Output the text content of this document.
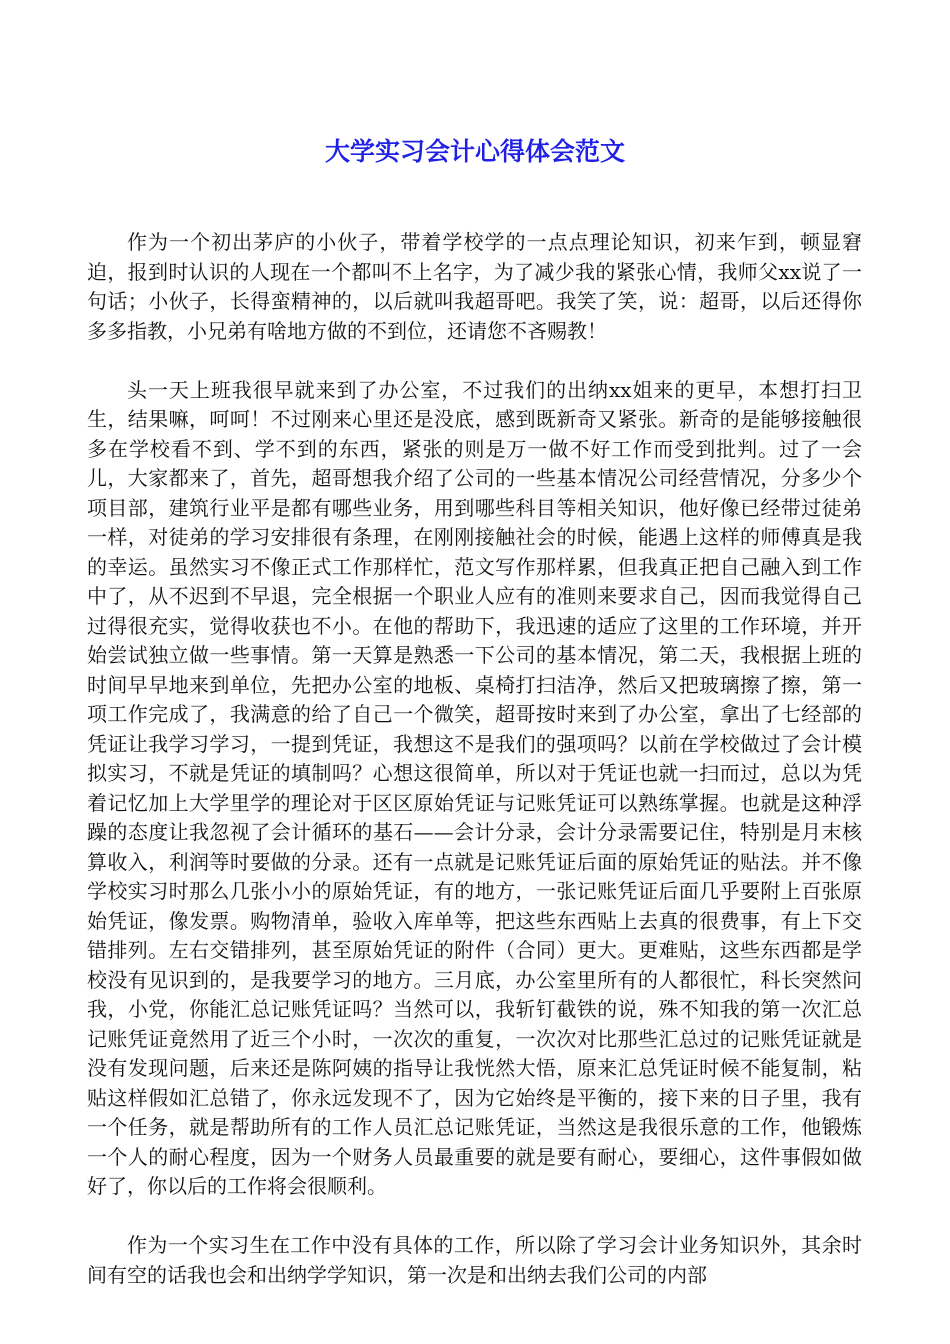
大学实习会计心得体会范文

作为一个初出茅庐的小伙子，带着学校学的一点点理论知识，初来乍到，顿显窘迫，报到时认识的人现在一个都叫不上名字，为了减少我的紧张心情，我师父xx说了一句话；小伙子，长得蛮精神的，以后就叫我超哥吧。我笑了笑，说：超哥，以后还得你多多指教，小兄弟有啥地方做的不到位，还请您不吝赐教！

头一天上班我很早就来到了办公室，不过我们的出纳xx姐来的更早，本想打扫卫生，结果嘛，呵呵！不过刚来心里还是没底，感到既新奇又紧张。新奇的是能够接触很多在学校看不到、学不到的东西，紧张的则是万一做不好工作而受到批判。过了一会儿，大家都来了，首先，超哥想我介绍了公司的一些基本情况公司经营情况，分多少个项目部，建筑行业平是都有哪些业务，用到哪些科目等相关知识，他好像已经带过徒弟一样，对徒弟的学习安排很有条理，在刚刚接触社会的时候，能遇上这样的师傅真是我的幸运。虽然实习不像正式工作那样忙，范文写作那样累，但我真正把自己融入到工作中了，从不迟到不早退，完全根据一个职业人应有的准则来要求自己，因而我觉得自己过得很充实，觉得收获也不小。在他的帮助下，我迅速的适应了这里的工作环境，并开始尝试独立做一些事情。第一天算是熟悉一下公司的基本情况，第二天，我根据上班的时间早早地来到单位，先把办公室的地板、桌椅打扫洁净，然后又把玻璃擦了擦，第一项工作完成了，我满意的给了自己一个微笑，超哥按时来到了办公室，拿出了七经部的凭证让我学习学习，一提到凭证，我想这不是我们的强项吗？以前在学校做过了会计模拟实习，不就是凭证的填制吗？心想这很简单，所以对于凭证也就一扫而过，总以为凭着记忆加上大学里学的理论对于区区原始凭证与记账凭证可以熟练掌握。也就是这种浮躁的态度让我忽视了会计循环的基石——会计分录，会计分录需要记住，特别是月末核算收入，利润等时要做的分录。还有一点就是记账凭证后面的原始凭证的贴法。并不像学校实习时那么几张小小的原始凭证，有的地方，一张记账凭证后面几乎要附上百张原始凭证，像发票。购物清单，验收入库单等，把这些东西贴上去真的很费事，有上下交错排列。左右交错排列，甚至原始凭证的附件（合同）更大。更难贴，这些东西都是学校没有见识到的，是我要学习的地方。三月底，办公室里所有的人都很忙，科长突然问我，小党，你能汇总记账凭证吗？当然可以，我斩钉截铁的说，殊不知我的第一次汇总记账凭证竟然用了近三个小时，一次次的重复，一次次对比那些汇总过的记账凭证就是没有发现问题，后来还是陈阿姨的指导让我恍然大悟，原来汇总凭证时候不能复制，粘贴这样假如汇总错了，你永远发现不了，因为它始终是平衡的，接下来的日子里，我有一个任务，就是帮助所有的工作人员汇总记账凭证，当然这是我很乐意的工作，他锻炼一个人的耐心程度，因为一个财务人员最重要的就是要有耐心，要细心，这件事假如做好了，你以后的工作将会很顺利。

作为一个实习生在工作中没有具体的工作，所以除了学习会计业务知识外，其余时间有空的话我也会和出纳学学知识，第一次是和出纳去我们公司的内部
